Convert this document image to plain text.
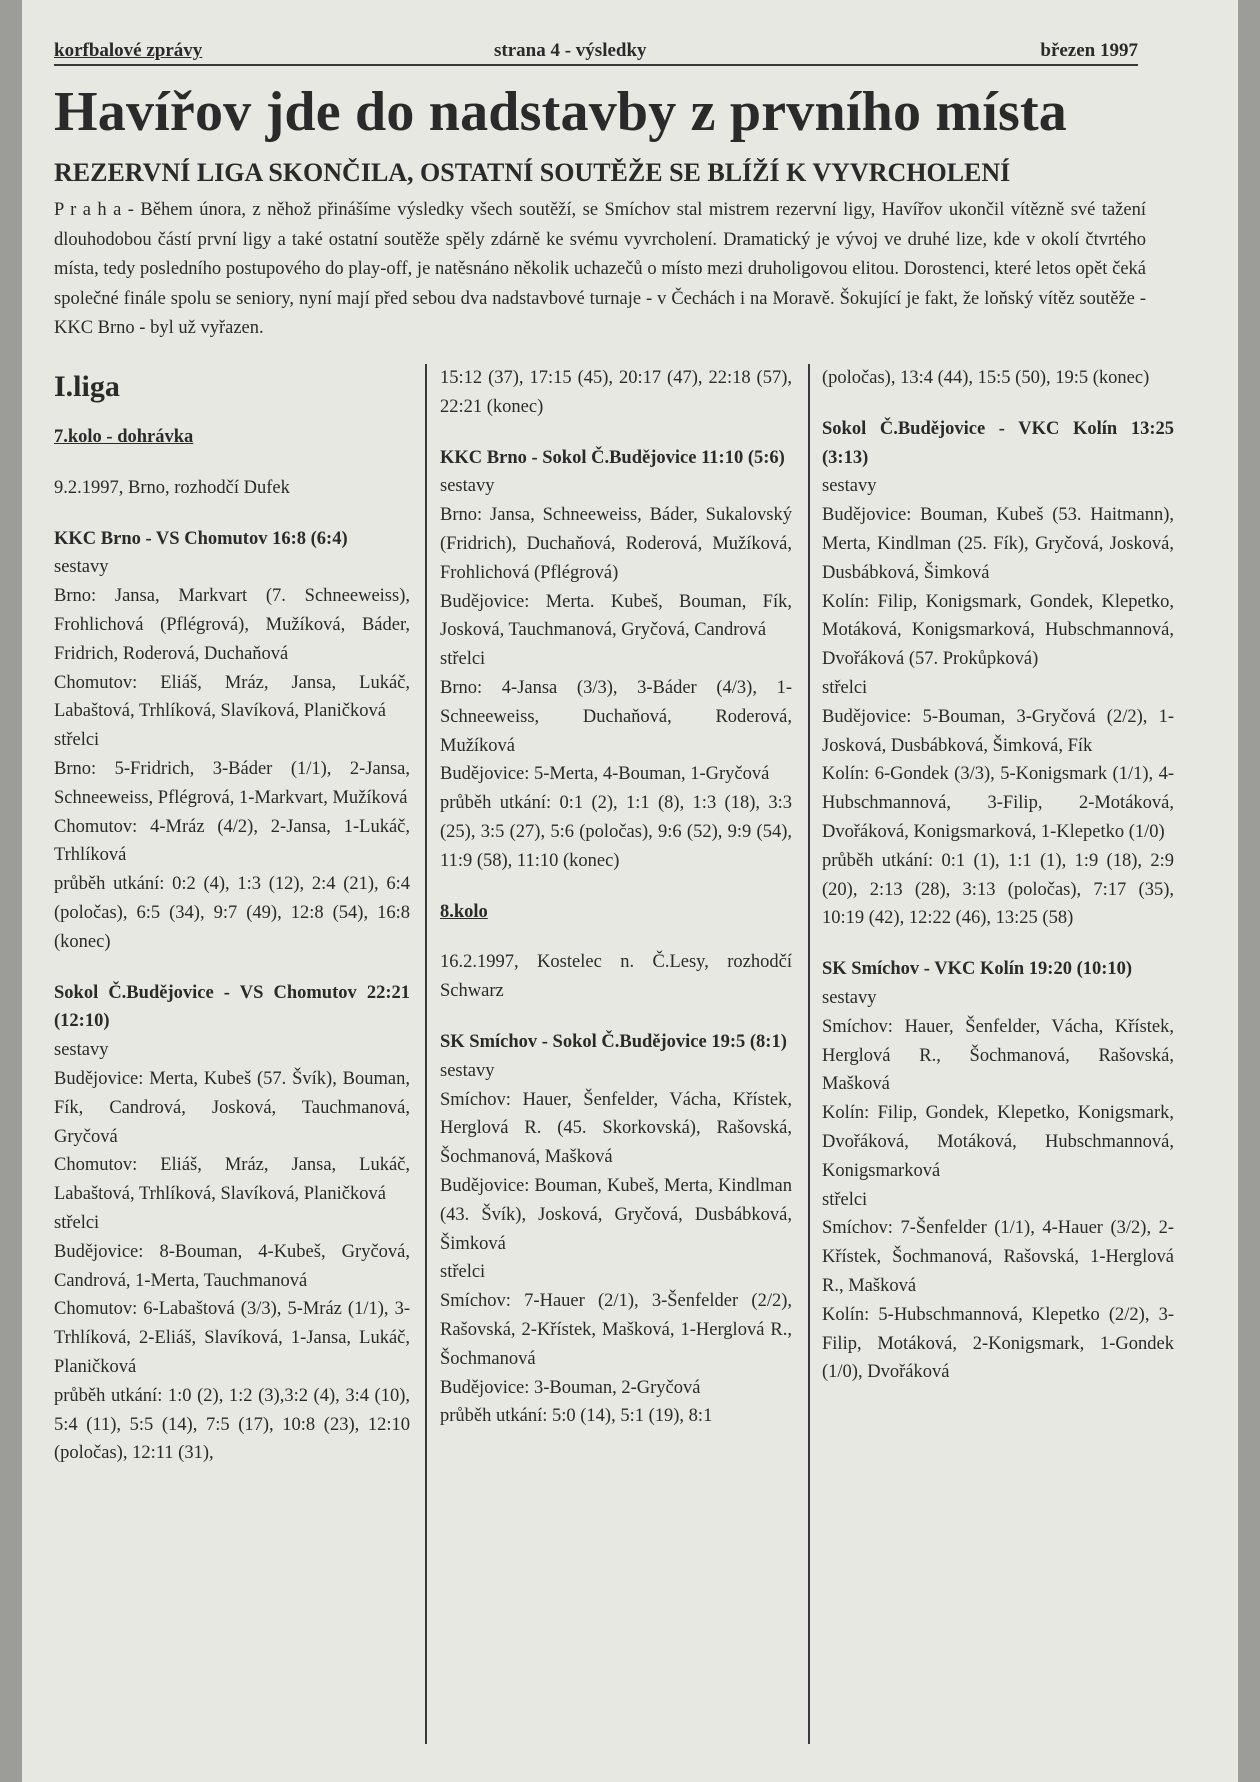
korfbalové zprávy	strana 4 - výsledky	březen 1997
Havířov jde do nadstavby z prvního místa
REZERVNÍ LIGA SKONČILA, OSTATNÍ SOUTĚŽE SE BLÍŽÍ K VYVRCHOLENÍ
P r a h a - Během února, z něhož přinášíme výsledky všech soutěží, se Smíchov stal mistrem rezervní ligy, Havířov ukončil vítězně své tažení dlouhodobou částí první ligy a také ostatní soutěže spěly zdárně ke svému vyvrcholení. Dramatický je vývoj ve druhé lize, kde v okolí čtvrtého místa, tedy posledního postupového do play-off, je natěsnáno několik uchazečů o místo mezi druholigovou elitou. Dorostenci, které letos opět čeká společné finále spolu se seniory, nyní mají před sebou dva nadstavbové turnaje - v Čechách i na Moravě. Šokující je fakt, že loňský vítěz soutěže - KKC Brno - byl už vyřazen.
I.liga
7.kolo - dohrávka
9.2.1997, Brno, rozhodčí Dufek
KKC Brno - VS Chomutov 16:8 (6:4)
sestavy
Brno: Jansa, Markvart (7. Schneeweiss), Frohlichová (Pflégrová), Mužíková, Báder, Fridrich, Roderová, Duchaňová
Chomutov: Eliáš, Mráz, Jansa, Lukáč, Labaštová, Trhlíková, Slavíková, Planičková
střelci
Brno: 5-Fridrich, 3-Báder (1/1), 2-Jansa, Schneeweiss, Pflégrová, 1-Markvart, Mužíková
Chomutov: 4-Mráz (4/2), 2-Jansa, 1-Lukáč, Trhlíková
průběh utkání: 0:2 (4), 1:3 (12), 2:4 (21), 6:4 (poločas), 6:5 (34), 9:7 (49), 12:8 (54), 16:8 (konec)
Sokol Č.Budějovice - VS Chomutov 22:21 (12:10)
sestavy
Budějovice: Merta, Kubeš (57. Švík), Bouman, Fík, Candrová, Josková, Tauchmanová, Gryčová
Chomutov: Eliáš, Mráz, Jansa, Lukáč, Labaštová, Trhlíková, Slavíková, Planičková
střelci
Budějovice: 8-Bouman, 4-Kubeš, Gryčová, Candrová, 1-Merta, Tauchmanová
Chomutov: 6-Labaštová (3/3), 5-Mráz (1/1), 3-Trhlíková, 2-Eliáš, Slavíková, 1-Jansa, Lukáč, Planičková
průběh utkání: 1:0 (2), 1:2 (3),3:2 (4), 3:4 (10), 5:4 (11), 5:5 (14), 7:5 (17), 10:8 (23), 12:10 (poločas), 12:11 (31),
15:12 (37), 17:15 (45), 20:17 (47), 22:18 (57), 22:21 (konec)
KKC Brno - Sokol Č.Budějovice 11:10 (5:6)
sestavy
Brno: Jansa, Schneeweiss, Báder, Sukalovský (Fridrich), Duchaňová, Roderová, Mužíková, Frohlichová (Pflégrová)
Budějovice: Merta. Kubeš, Bouman, Fík, Josková, Tauchmanová, Gryčová, Candrová
střelci
Brno: 4-Jansa (3/3), 3-Báder (4/3), 1-Schneeweiss, Duchaňová, Roderová, Mužíková
Budějovice: 5-Merta, 4-Bouman, 1-Gryčová
průběh utkání: 0:1 (2), 1:1 (8), 1:3 (18), 3:3 (25), 3:5 (27), 5:6 (poločas), 9:6 (52), 9:9 (54), 11:9 (58), 11:10 (konec)
8.kolo
16.2.1997, Kostelec n. Č.Lesy, rozhodčí Schwarz
SK Smíchov - Sokol Č.Budějovice 19:5 (8:1)
sestavy
Smíchov: Hauer, Šenfelder, Vácha, Křístek, Herglová R. (45. Skorkovská), Rašovská, Šochmanová, Mašková
Budějovice: Bouman, Kubeš, Merta, Kindlman (43. Švík), Josková, Gryčová, Dusbábková, Šimková
střelci
Smíchov: 7-Hauer (2/1), 3-Šenfelder (2/2), Rašovská, 2-Křístek, Mašková, 1-Herglová R., Šochmanová
Budějovice: 3-Bouman, 2-Gryčová
průběh utkání: 5:0 (14), 5:1 (19), 8:1
(poločas), 13:4 (44), 15:5 (50), 19:5 (konec)
Sokol Č.Budějovice - VKC Kolín 13:25 (3:13)
sestavy
Budějovice: Bouman, Kubeš (53. Haitmann), Merta, Kindlman (25. Fík), Gryčová, Josková, Dusbábková, Šimková
Kolín: Filip, Konigsmark, Gondek, Klepetko, Motáková, Konigsmarková, Hubschmannová, Dvořáková (57. Prokůpková)
střelci
Budějovice: 5-Bouman, 3-Gryčová (2/2), 1-Josková, Dusbábková, Šimková, Fík
Kolín: 6-Gondek (3/3), 5-Konigsmark (1/1), 4-Hubschmannová, 3-Filip, 2-Motáková, Dvořáková, Konigsmarková, 1-Klepetko (1/0)
průběh utkání: 0:1 (1), 1:1 (1), 1:9 (18), 2:9 (20), 2:13 (28), 3:13 (poločas), 7:17 (35), 10:19 (42), 12:22 (46), 13:25 (58)
SK Smíchov - VKC Kolín 19:20 (10:10)
sestavy
Smíchov: Hauer, Šenfelder, Vácha, Křístek, Herglová R., Šochmanová, Rašovská, Mašková
Kolín: Filip, Gondek, Klepetko, Konigsmark, Dvořáková, Motáková, Hubschmannová, Konigsmarková
střelci
Smíchov: 7-Šenfelder (1/1), 4-Hauer (3/2), 2-Křístek, Šochmanová, Rašovská, 1-Herglová R., Mašková
Kolín: 5-Hubschmannová, Klepetko (2/2), 3-Filip, Motáková, 2-Konigsmark, 1-Gondek (1/0), Dvořáková
